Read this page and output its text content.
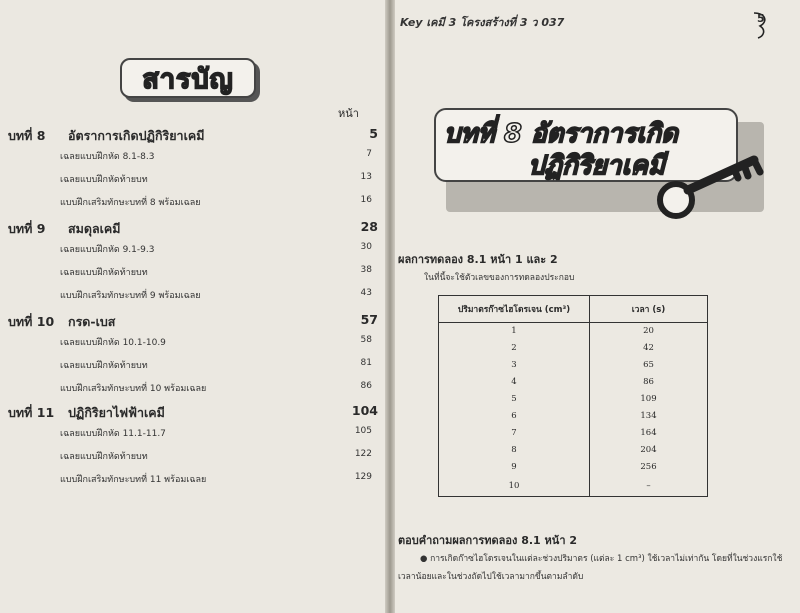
สารบัญ
หน้า
บทที่ 8 อัตราการเกิดปฏิกิริยาเคมี	5
เฉลยแบบฝึกหัด 8.1-8.3	7
เฉลยแบบฝึกหัดท้ายบท	13
แบบฝึกเสริมทักษะบทที่ 8 พร้อมเฉลย	16
บทที่ 9 สมดุลเคมี	28
เฉลยแบบฝึกหัด 9.1-9.3	30
เฉลยแบบฝึกหัดท้ายบท	38
แบบฝึกเสริมทักษะบทที่ 9 พร้อมเฉลย	43
บทที่ 10 กรด-เบส	57
เฉลยแบบฝึกหัด 10.1-10.9	58
เฉลยแบบฝึกหัดท้ายบท	81
แบบฝึกเสริมทักษะบทที่ 10 พร้อมเฉลย	86
บทที่ 11 ปฏิกิริยาไฟฟ้าเคมี	104
เฉลยแบบฝึกหัด 11.1-11.7	105
เฉลยแบบฝึกหัดท้ายบท	122
แบบฝึกเสริมทักษะบทที่ 11 พร้อมเฉลย	129
Key เคมี 3 โครงสร้างที่ 3 ว 037	5
บทที่ 8 อัตราการเกิด
ปฏิกิริยาเคมี
ผลการทดลอง 8.1 หน้า 1 และ 2
ในที่นี้จะใช้ตัวเลขของการทดลองประกอบ
ปริมาตรก๊าซไฮโดรเจน (cm³)	เวลา (s)
1	20
2	42
3	65
4	86
5	109
6	134
7	164
8	204
9	256
10	–
ตอบคำถามผลการทดลอง 8.1 หน้า 2
● การเกิดก๊าซไฮโดรเจนในแต่ละช่วงปริมาตร (แต่ละ 1 cm³) ใช้เวลาไม่เท่ากัน โดยที่ในช่วงแรกใช้
เวลาน้อยและในช่วงถัดไปใช้เวลามากขึ้นตามลำดับ
